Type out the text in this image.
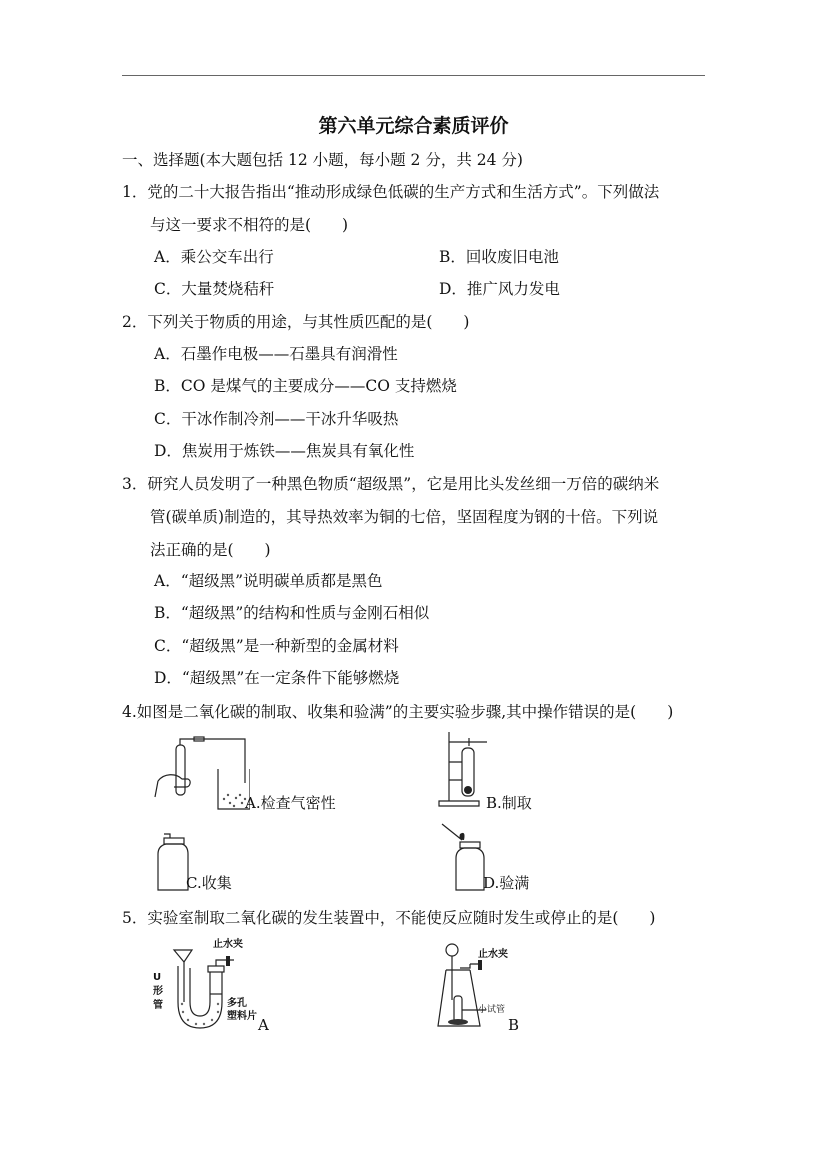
第六单元综合素质评价
一、选择题(本大题包括 12 小题，每小题 2 分，共 24 分)
1．党的二十大报告指出“推动形成绿色低碳的生产方式和生活方式”。下列做法
与这一要求不相符的是(　　)
A．乘公交车出行	B．回收废旧电池
C．大量焚烧秸秆	D．推广风力发电
2．下列关于物质的用途，与其性质匹配的是(　　)
A．石墨作电极——石墨具有润滑性
B．CO 是煤气的主要成分——CO 支持燃烧
C．干冰作制冷剂——干冰升华吸热
D．焦炭用于炼铁——焦炭具有氧化性
3．研究人员发明了一种黑色物质“超级黑”，它是用比头发丝细一万倍的碳纳米
管(碳单质)制造的，其导热效率为铜的七倍，坚固程度为钢的十倍。下列说
法正确的是(　　)
A．“超级黑”说明碳单质都是黑色
B．“超级黑”的结构和性质与金刚石相似
C．“超级黑”是一种新型的金属材料
D．“超级黑”在一定条件下能够燃烧
4.如图是二氧化碳的制取、收集和验满”的主要实验步骤,其中操作错误的是(　　)
A.检查气密性	B.制取
C.收集	D.验满
5．实验室制取二氧化碳的发生装置中，不能使反应随时发生或停止的是(　　)
止水夹
U
形
管	多孔
塑料片 A
止水夹
小试管
B
